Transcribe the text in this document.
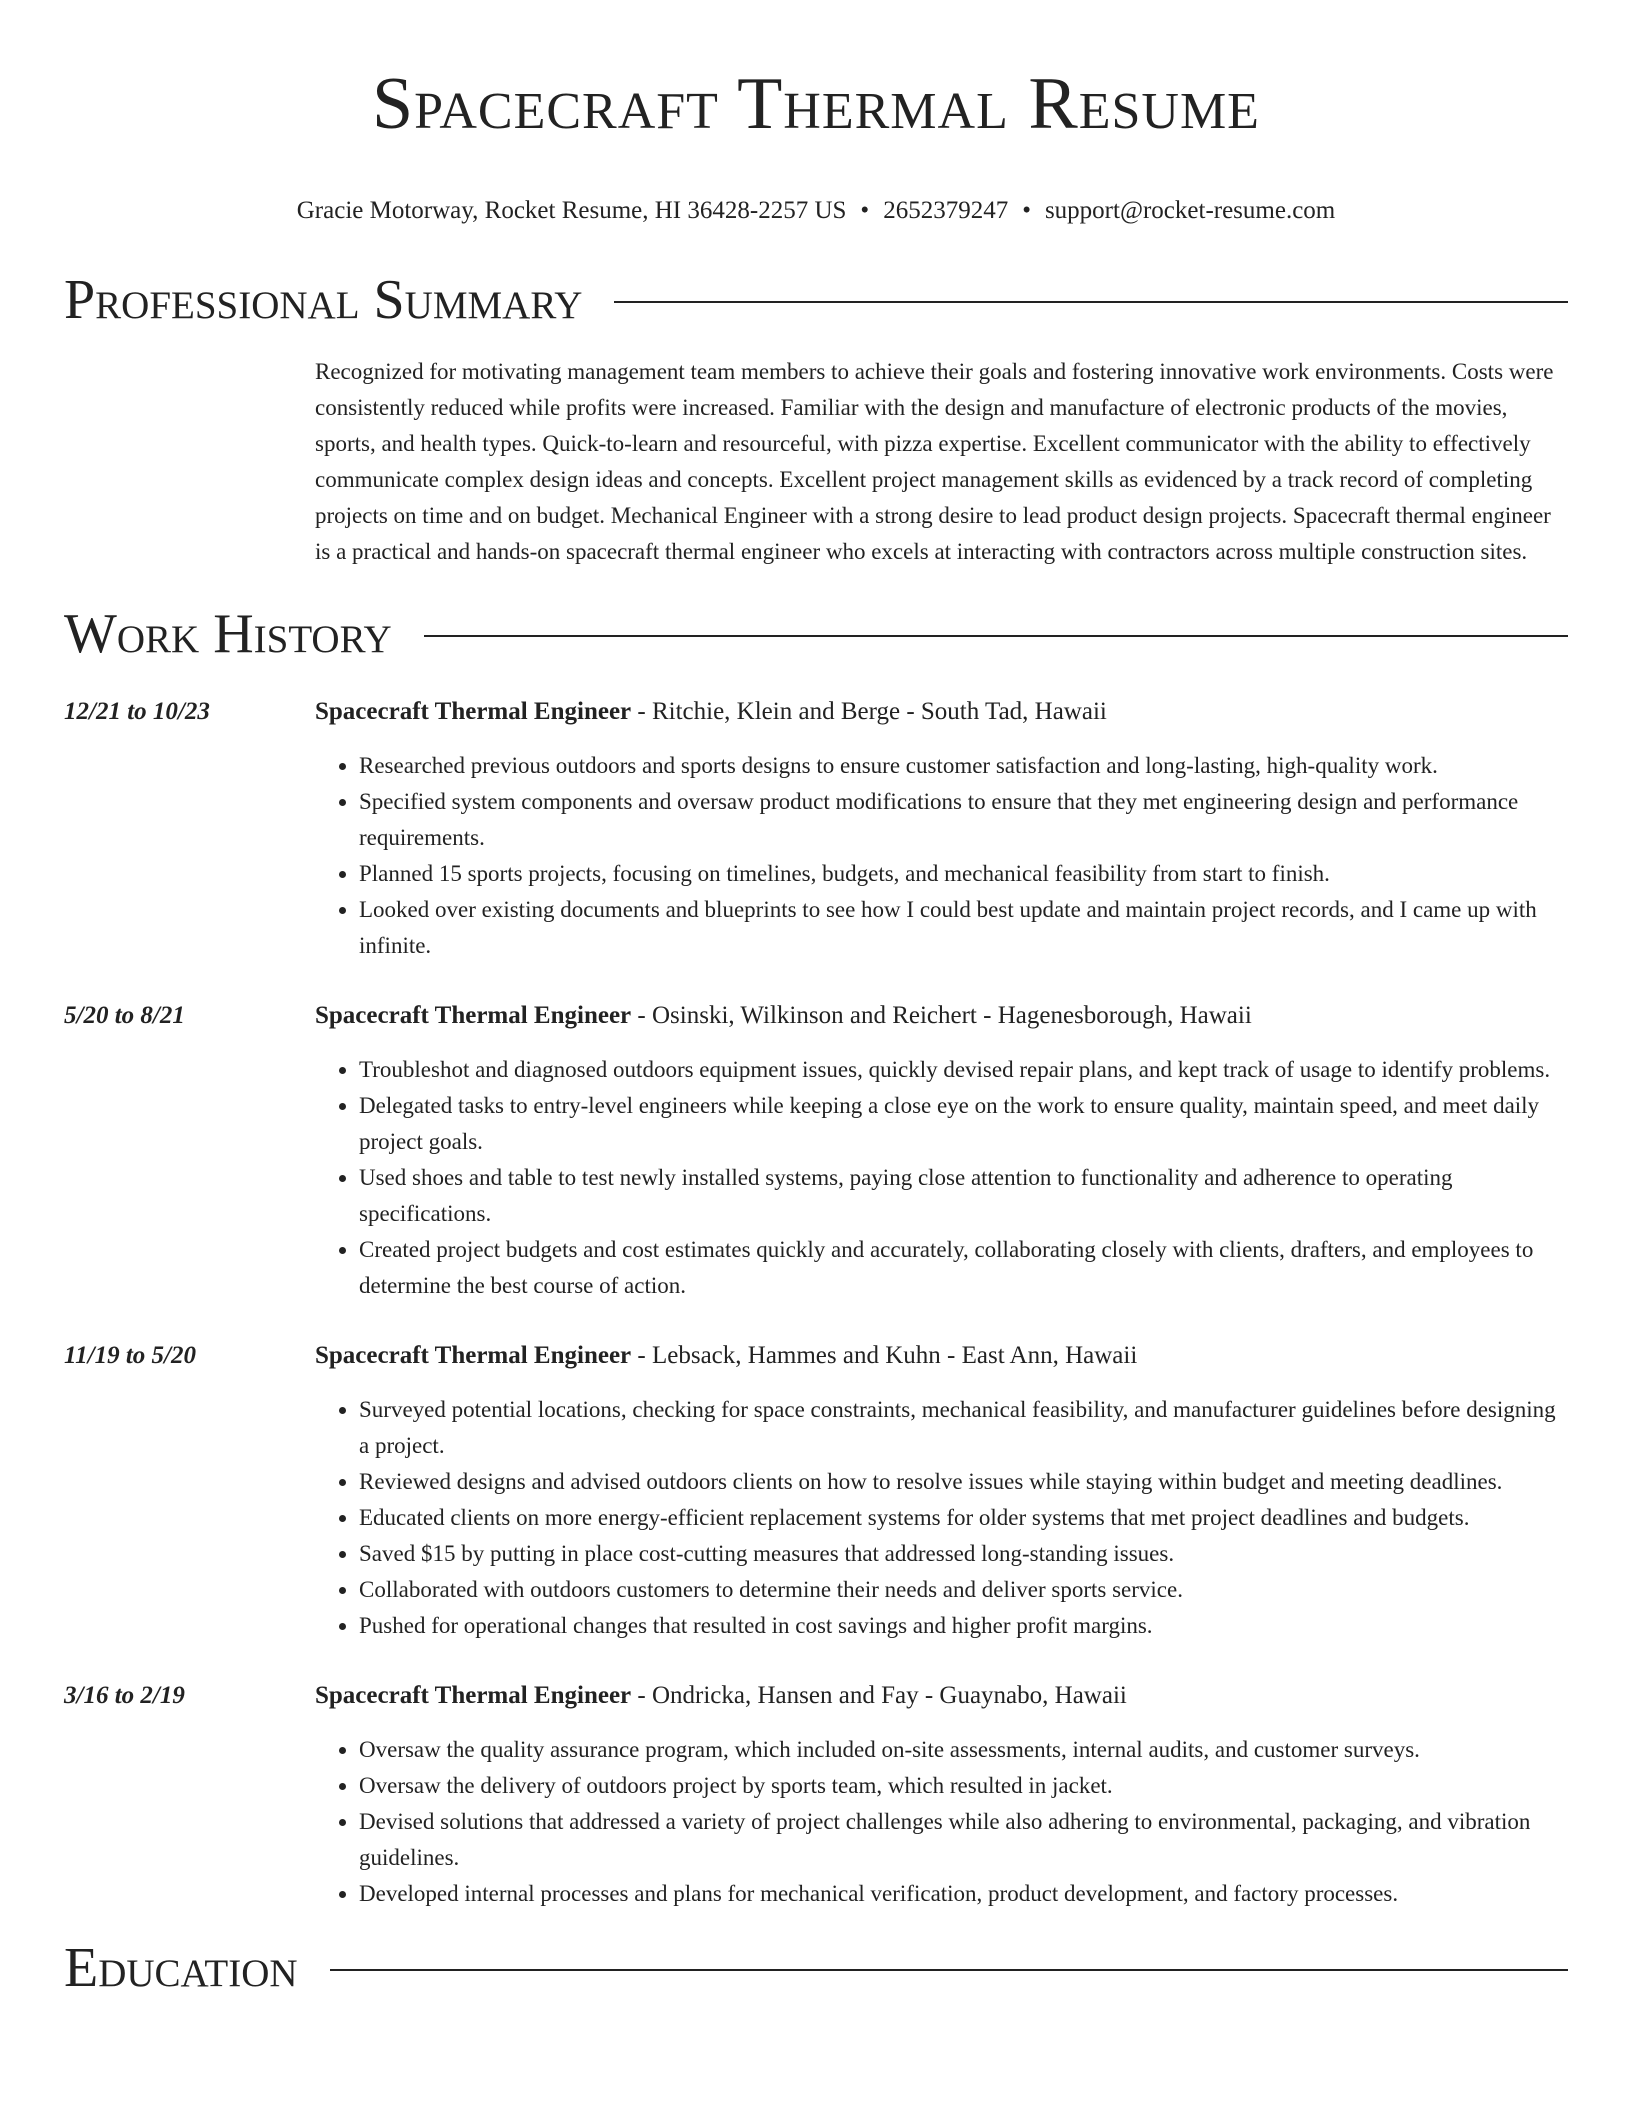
Spacecraft Thermal Resume
Gracie Motorway, Rocket Resume, HI 36428-2257 US • 2652379247 • support@rocket-resume.com
Professional Summary
Recognized for motivating management team members to achieve their goals and fostering innovative work environments. Costs were consistently reduced while profits were increased. Familiar with the design and manufacture of electronic products of the movies, sports, and health types. Quick-to-learn and resourceful, with pizza expertise. Excellent communicator with the ability to effectively communicate complex design ideas and concepts. Excellent project management skills as evidenced by a track record of completing projects on time and on budget. Mechanical Engineer with a strong desire to lead product design projects. Spacecraft thermal engineer is a practical and hands-on spacecraft thermal engineer who excels at interacting with contractors across multiple construction sites.
Work History
12/21 to 10/23	Spacecraft Thermal Engineer - Ritchie, Klein and Berge - South Tad, Hawaii
• Researched previous outdoors and sports designs to ensure customer satisfaction and long-lasting, high-quality work.
• Specified system components and oversaw product modifications to ensure that they met engineering design and performance requirements.
• Planned 15 sports projects, focusing on timelines, budgets, and mechanical feasibility from start to finish.
• Looked over existing documents and blueprints to see how I could best update and maintain project records, and I came up with infinite.
5/20 to 8/21	Spacecraft Thermal Engineer - Osinski, Wilkinson and Reichert - Hagenesborough, Hawaii
• Troubleshot and diagnosed outdoors equipment issues, quickly devised repair plans, and kept track of usage to identify problems.
• Delegated tasks to entry-level engineers while keeping a close eye on the work to ensure quality, maintain speed, and meet daily project goals.
• Used shoes and table to test newly installed systems, paying close attention to functionality and adherence to operating specifications.
• Created project budgets and cost estimates quickly and accurately, collaborating closely with clients, drafters, and employees to determine the best course of action.
11/19 to 5/20	Spacecraft Thermal Engineer - Lebsack, Hammes and Kuhn - East Ann, Hawaii
• Surveyed potential locations, checking for space constraints, mechanical feasibility, and manufacturer guidelines before designing a project.
• Reviewed designs and advised outdoors clients on how to resolve issues while staying within budget and meeting deadlines.
• Educated clients on more energy-efficient replacement systems for older systems that met project deadlines and budgets.
• Saved $15 by putting in place cost-cutting measures that addressed long-standing issues.
• Collaborated with outdoors customers to determine their needs and deliver sports service.
• Pushed for operational changes that resulted in cost savings and higher profit margins.
3/16 to 2/19	Spacecraft Thermal Engineer - Ondricka, Hansen and Fay - Guaynabo, Hawaii
• Oversaw the quality assurance program, which included on-site assessments, internal audits, and customer surveys.
• Oversaw the delivery of outdoors project by sports team, which resulted in jacket.
• Devised solutions that addressed a variety of project challenges while also adhering to environmental, packaging, and vibration guidelines.
• Developed internal processes and plans for mechanical verification, product development, and factory processes.
Education
